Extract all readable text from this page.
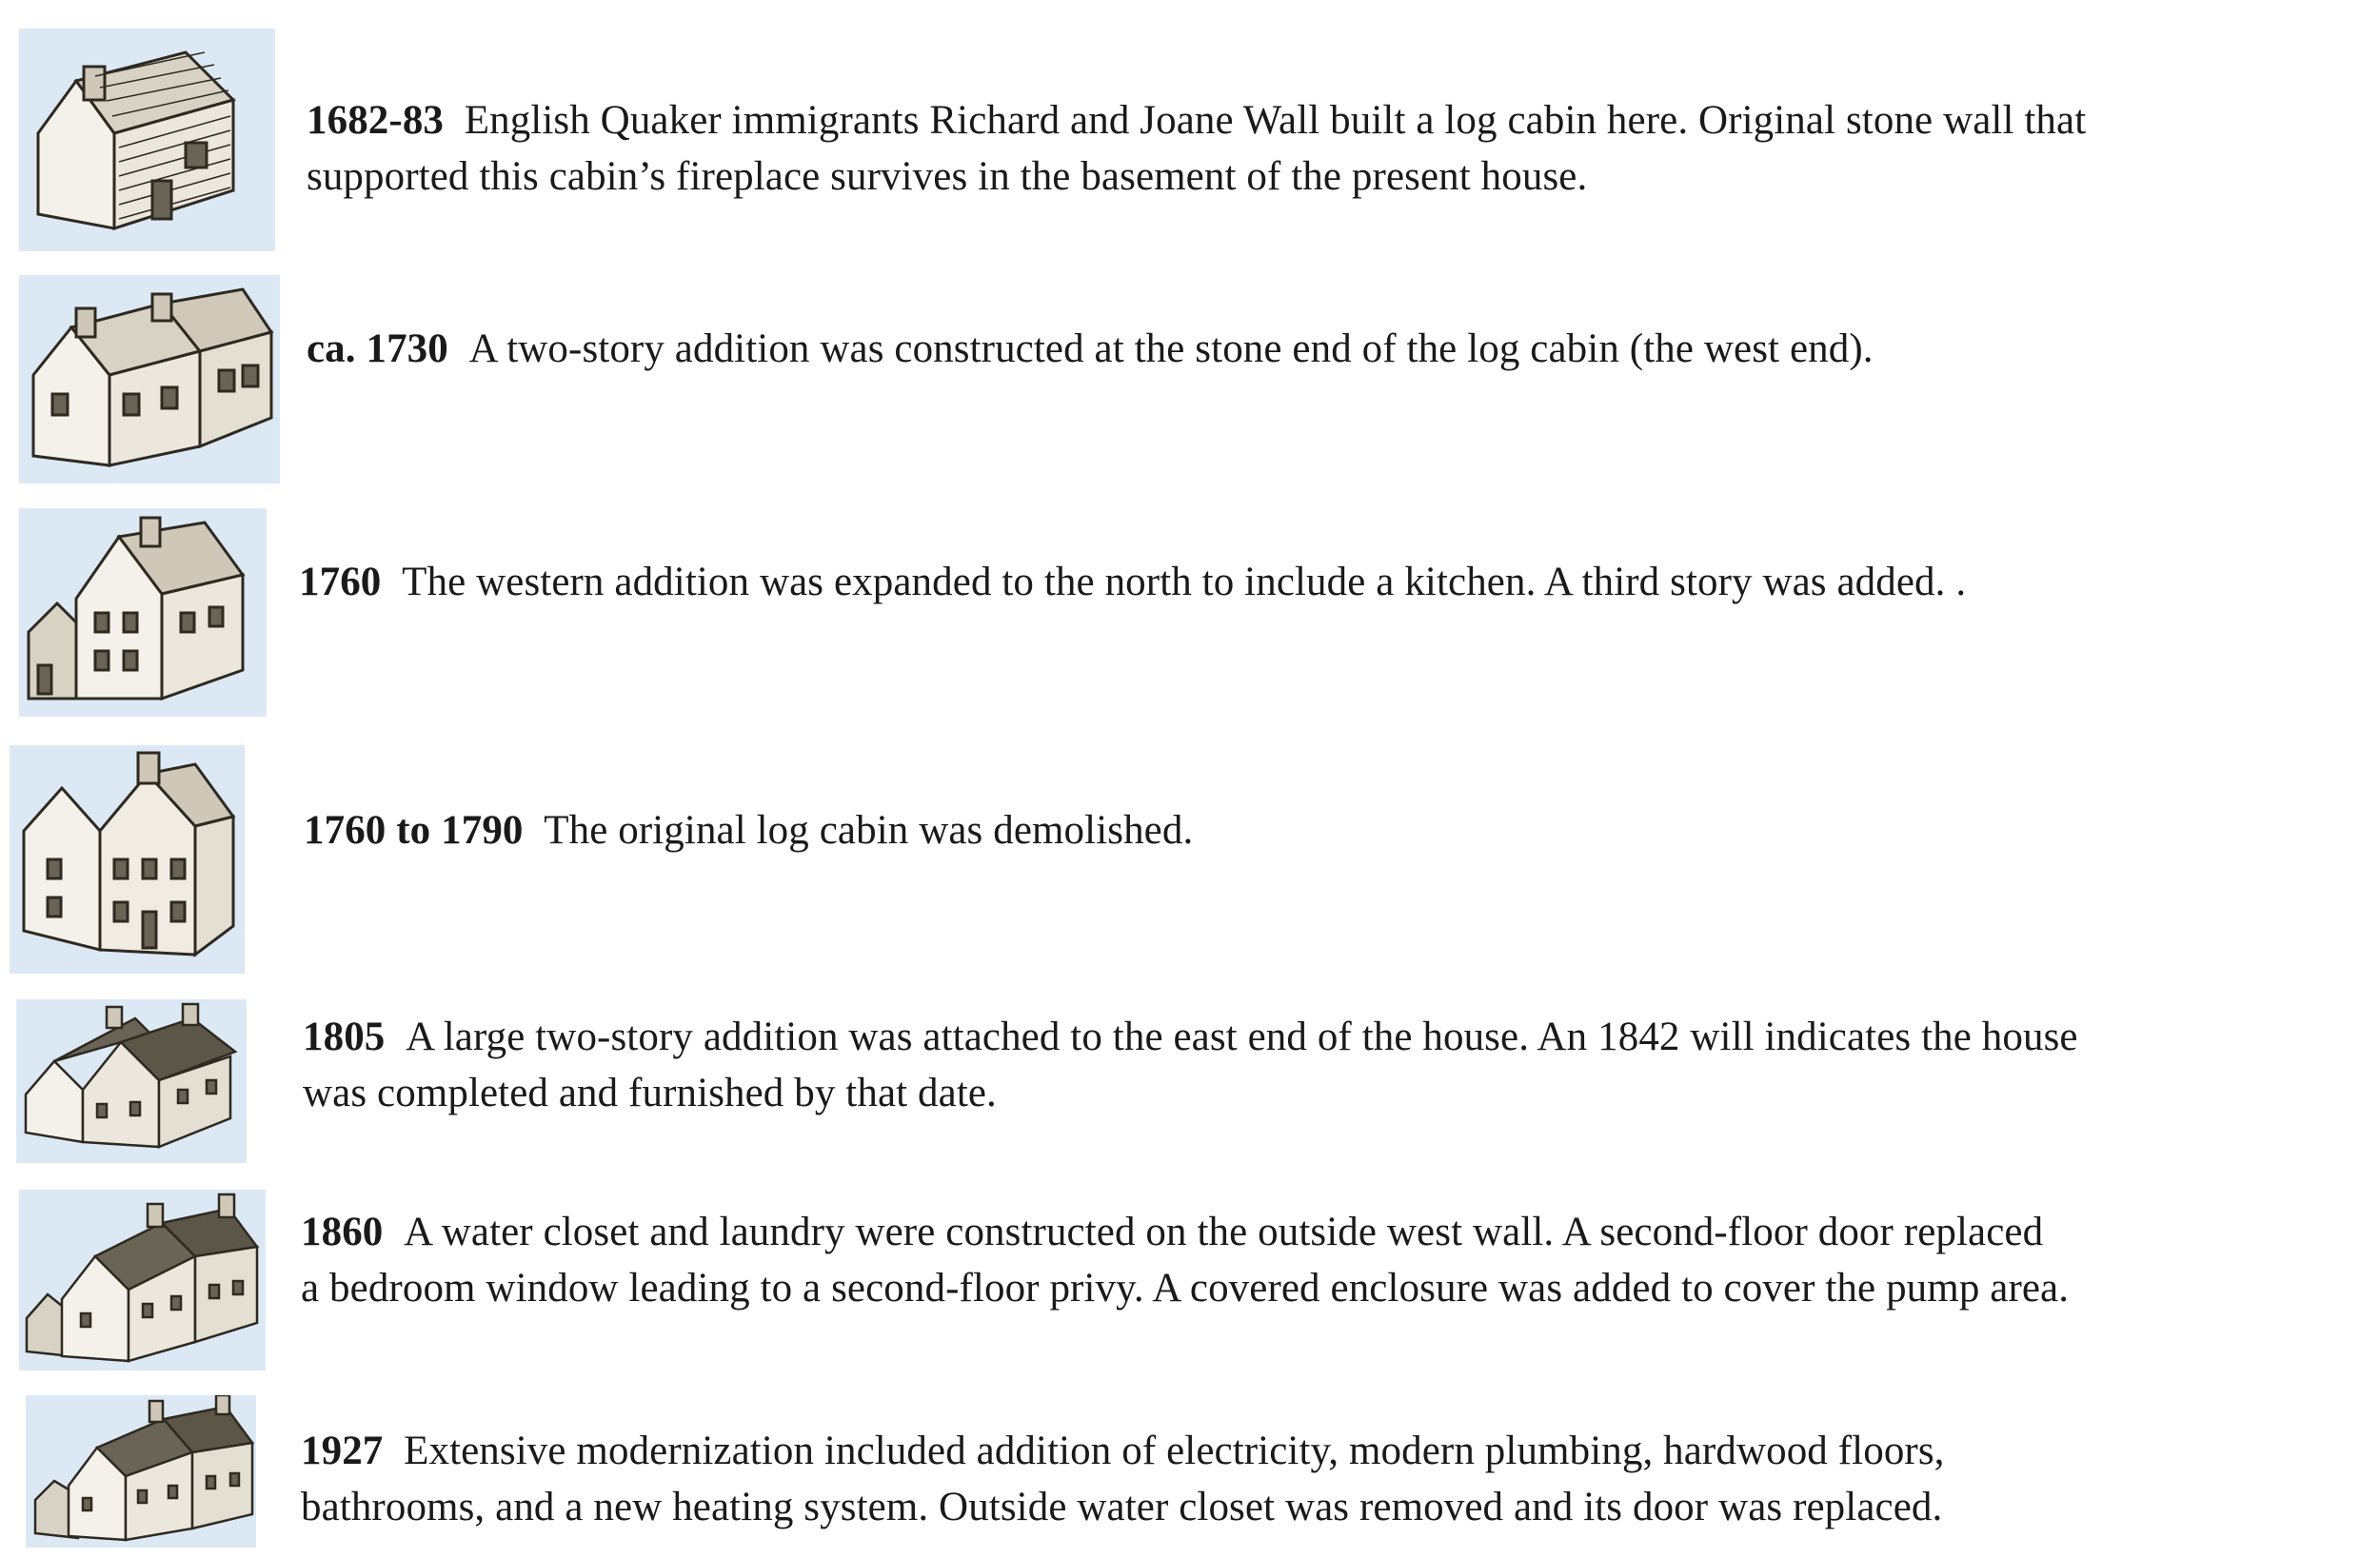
1682-83 English Quaker immigrants Richard and Joane Wall built a log cabin here. Original stone wall that
supported this cabin’s fireplace survives in the basement of the present house.
ca. 1730 A two-story addition was constructed at the stone end of the log cabin (the west end).
1760 The western addition was expanded to the north to include a kitchen. A third story was added. .
1760 to 1790 The original log cabin was demolished.
1805 A large two-story addition was attached to the east end of the house. An 1842 will indicates the house
was completed and furnished by that date.
1860 A water closet and laundry were constructed on the outside west wall. A second-floor door replaced
a bedroom window leading to a second-floor privy. A covered enclosure was added to cover the pump area.
1927 Extensive modernization included addition of electricity, modern plumbing, hardwood floors,
bathrooms, and a new heating system. Outside water closet was removed and its door was replaced.
